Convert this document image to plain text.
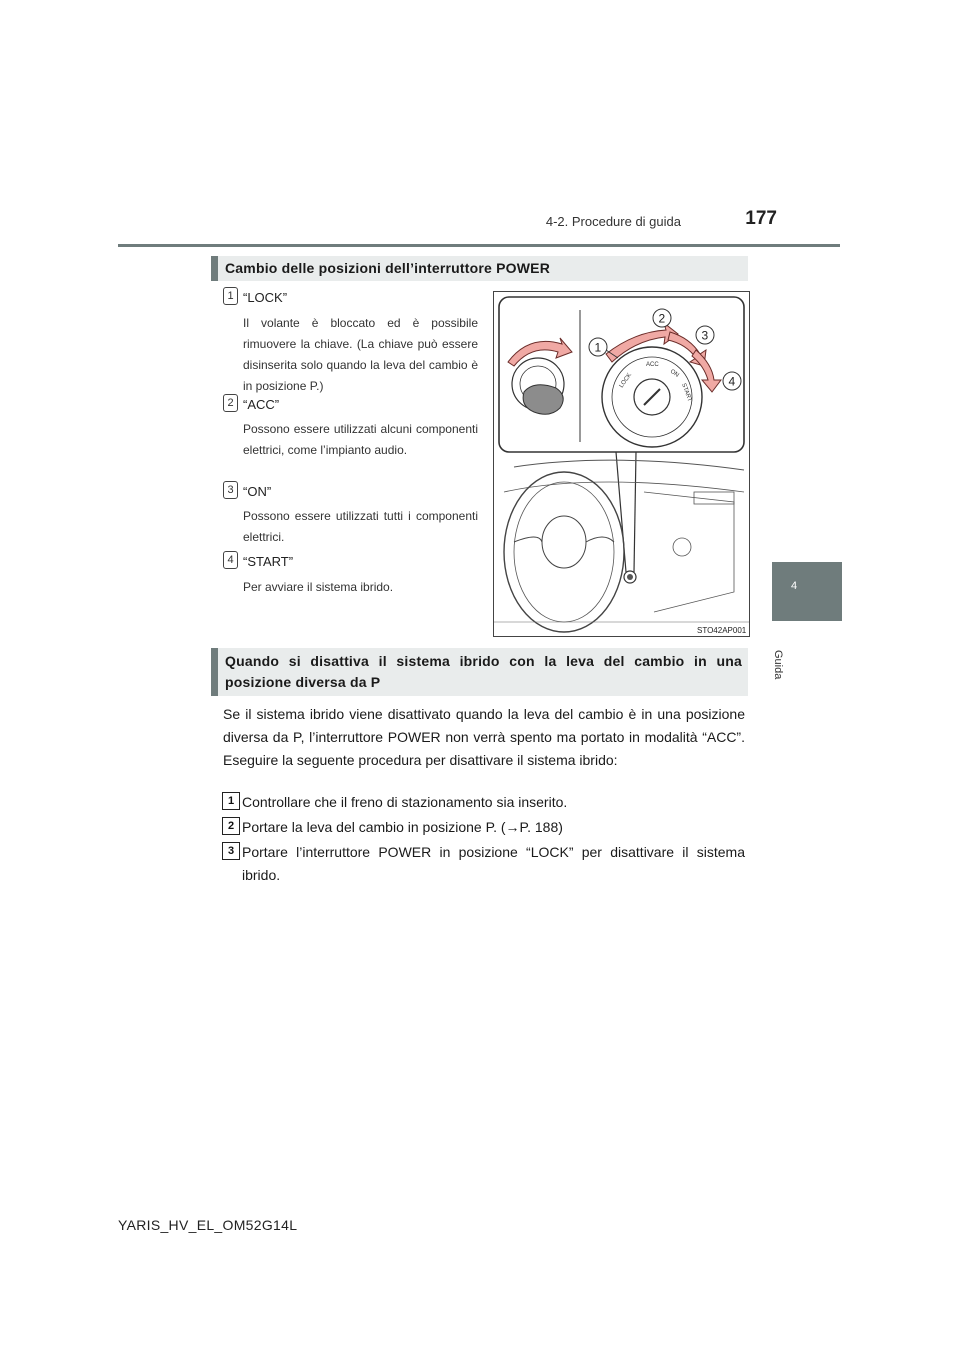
4-2. Procedure di guida	177
4
Guida
Cambio delle posizioni dell’interruttore POWER
1 “LOCK”
Il volante è bloccato ed è possibile rimuovere la chiave. (La chiave può essere disinserita solo quando la leva del cambio è in posizione P.)
2 “ACC”
Possono essere utilizzati alcuni componenti elettrici, come l’impianto audio.
3 “ON”
Possono essere utilizzati tutti i componenti elettrici.
4 “START”
Per avviare il sistema ibrido.
LOCK
ACC
ON
START
1
2
3
4
STO42AP001
Quando si disattiva il sistema ibrido con la leva del cambio in una posizione diversa da P
Se il sistema ibrido viene disattivato quando la leva del cambio è in una posizione diversa da P, l’interruttore POWER non verrà spento ma portato in modalità “ACC”. Eseguire la seguente procedura per disattivare il sistema ibrido:
1 Controllare che il freno di stazionamento sia inserito.
2 Portare la leva del cambio in posizione P. (→P. 188)
3 Portare l’interruttore POWER in posizione “LOCK” per disattivare il sistema ibrido.
YARIS_HV_EL_OM52G14L
